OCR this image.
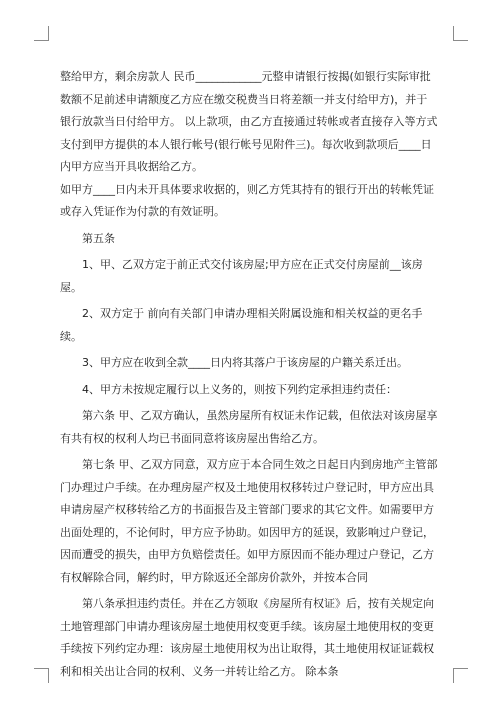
整给甲方，剩余房款人 民币____________元整申请银行按揭(如银行实际审批数额不足前述申请额度乙方应在缴交税费当日将差额一并支付给甲方)，并于银行放款当日付给甲方。 以上款项，由乙方直接通过转帐或者直接存入等方式支付到甲方提供的本人银行帐号(银行帐号见附件三)。每次收到款项后____日内甲方应当开具收据给乙方。

如甲方____日内未开具体要求收据的，则乙方凭其持有的银行开出的转帐凭证或存入凭证作为付款的有效证明。

第五条

1、甲、乙双方定于前正式交付该房屋;甲方应在正式交付房屋前__该房屋。

2、双方定于 前向有关部门申请办理相关附属设施和相关权益的更名手续。

3、甲方应在收到全款____日内将其落户于该房屋的户籍关系迁出。

4、甲方未按规定履行以上义务的，则按下列约定承担违约责任：

第六条 甲、乙双方确认，虽然房屋所有权证未作记载，但依法对该房屋享有共有权的权利人均已书面同意将该房屋出售给乙方。

第七条 甲、乙双方同意，双方应于本合同生效之日起日内到房地产主管部门办理过户手续。在办理房屋产权及土地使用权移转过户登记时，甲方应出具申请房屋产权移转给乙方的书面报告及主管部门要求的其它文件。如需要甲方出面处理的，不论何时，甲方应予协助。如因甲方的延误，致影响过户登记，因而遭受的损失，由甲方负赔偿责任。如甲方原因而不能办理过户登记，乙方有权解除合同，解约时，甲方除返还全部房价款外，并按本合同

第八条承担违约责任。并在乙方领取《房屋所有权证》后，按有关规定向土地管理部门申请办理该房屋土地使用权变更手续。该房屋土地使用权的变更手续按下列约定办理：该房屋土地使用权为出让取得，其土地使用权证证载权利和相关出让合同的权利、义务一并转让给乙方。 除本条
